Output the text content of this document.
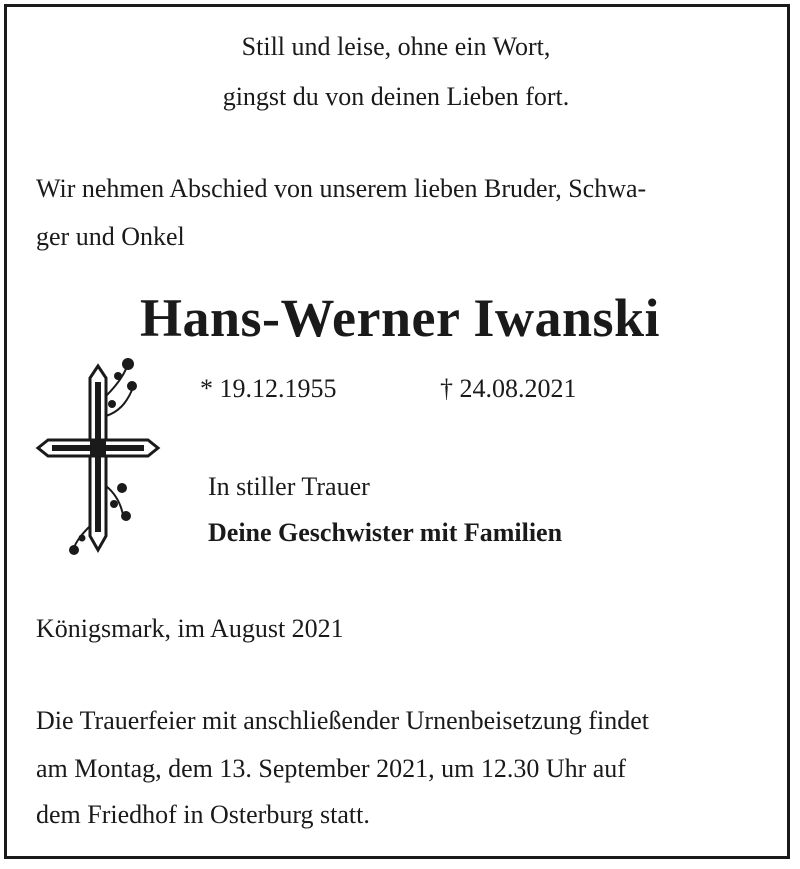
Still und leise, ohne ein Wort,
gingst du von deinen Lieben fort.
Wir nehmen Abschied von unserem lieben Bruder, Schwa-
ger und Onkel
Hans-Werner Iwanski
* 19.12.1955	† 24.08.2021
In stiller Trauer
Deine Geschwister mit Familien
Königsmark, im August 2021
Die Trauerfeier mit anschließender Urnenbeisetzung findet
am Montag, dem 13. September 2021, um 12.30 Uhr auf
dem Friedhof in Osterburg statt.
